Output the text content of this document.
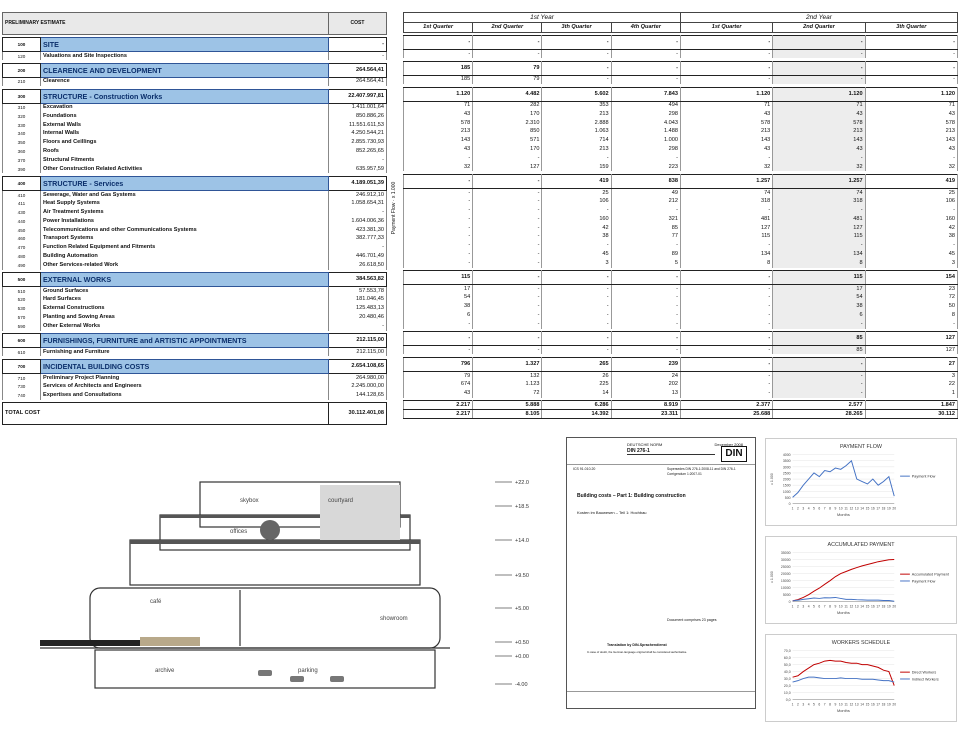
PRELIMINARY ESTIMATE		COST

100	SITE	-
120	Valuations and Site Inspections	-

200	CLEARENCE AND DEVELOPMENT	264.564,41
210	Clearence	264.564,41

300	STRUCTURE - Construction Works	22.407.997,81
310	Excavation	1.411.001,64
320	Foundations	850.886,26
330	External Walls	11.551.611,53
340	Internal Walls	4.250.544,21
350	Floors and Ceillings	2.855.730,93
360	Roofs	852.265,65
370	Structural Fitments	-
390	Other Construction Related Activities	635.957,59

400	STRUCTURE - Services	4.189.051,39
410	Sewerage, Water and Gas Systems	246.912,10
411	Heat Supply Systems	1.058.654,31
430	Air Treatment Systems	-
440	Power Installations	1.604.006,36
450	Telecommunications and other Communications Systems	423.381,30
460	Transport Systems	382.777,33
470	Function Related Equipment and Fitments	-
480	Building Automation	446.701,49
490	Other Services-related Work	26.618,50

500	EXTERNAL WORKS	384.563,82
510	Ground Surfaces	57.553,78
520	Hard Surfaces	181.046,45
530	External Constructions	125.483,13
570	Planting and Sowing Areas	20.480,46
590	Other External Works	-

600	FURNISHINGS, FURNITURE and ARTISTIC APPOINTMENTS	212.115,00
610	Furnishing and Furniture	212.115,00

700	INCIDENTAL BUILDING COSTS	2.654.108,65
710	Preliminary Project Planning	264.980,00
730	Services of Architects and Engineers	2.245.000,00
740	Expertises and Consultations	144.128,65

TOTAL COST		30.112.401,08
Payment Flow · x 1.000
1st Year				2nd Year		
1st Quarter	2nd Quarter	3th Quarter	4th Quarter	1st Quarter	2nd Quarter	3th Quarter

-	-	-	-	-	-	-
-	-	-	-	-	-	-

185	79	-	-	-	-	-
185	79	-	-	-	-	-

1.120	4.482	5.602	7.843	1.120	1.120	1.120
71	282	353	494	71	71	71
43	170	213	298	43	43	43
578	2.310	2.888	4.043	578	578	578
213	850	1.063	1.488	213	213	213
143	571	714	1.000	143	143	143
43	170	213	298	43	43	43
-	-	-	-	-	-	-
32	127	159	223	32	32	32

-	-	419	838	1.257	1.257	419
-	-	25	49	74	74	25
-	-	106	212	318	318	106
-	-	-	-	-	-	-
-	-	160	321	481	481	160
-	-	42	85	127	127	42
-	-	38	77	115	115	38
-	-	-	-	-	-	-
-	-	45	89	134	134	45
-	-	3	5	8	8	3

115	-	-	-	-	115	154
17	-	-	-	-	17	23
54	-	-	-	-	54	72
38	-	-	-	-	38	50
6	-	-	-	-	6	8
-	-	-	-	-	-	-

-	-	-	-	-	85	127
-	-	-	-	-	85	127

796	1.327	265	239	-	-	27
79	132	26	24	-	-	3
674	1.123	225	202	-	-	22
43	72	14	13	-	-	1

2.217	5.888	6.286	8.919	2.377	2.577	1.847
2.217	8.105	14.392	23.311	25.688	28.265	30.112
skybox	courtyard
offices
café
showroom
archive	parking
+22.0
+18.5
+14.0
+9.50
+5.00
+0.50
+0.00
-4.00
DEUTSCHE NORM	December 2008
DIN 276-1	DIN
ICS 91.010.20	Supersedes DIN 276-1:2008-11 and DIN 276-1 Corrigendum 1:2007-01
Building costs – Part 1: Building construction
Kosten im Bauwesen – Teil 1: Hochbau
Document comprises 23 pages
Translation by DIN-Sprachendienst
In case of doubt, the German-language original shall be considered authoritative.
PAYMENT FLOW
4000
3500
3000
2500
2000
1500
1000
500
0
1 2 3 4 5 6 7 8 9 10 11 12 13 14 15 16 17 18 19 20
Months
x 1.000	Payment Flow

ACCUMULATED PAYMENT
35000
30000
25000
20000
15000
10000
5000
0
1 2 3 4 5 6 7 8 9 10 11 12 13 14 15 16 17 18 19 20
Months
x 1.000	Accumulated Payment
Payment Flow

WORKERS SCHEDULE
70,0
60,0
50,0
40,0
30,0
20,0
10,0
0,0
1 2 3 4 5 6 7 8 9 10 11 12 13 14 15 16 17 18 19 20
Months
Direct Workers
Indirect Workers
